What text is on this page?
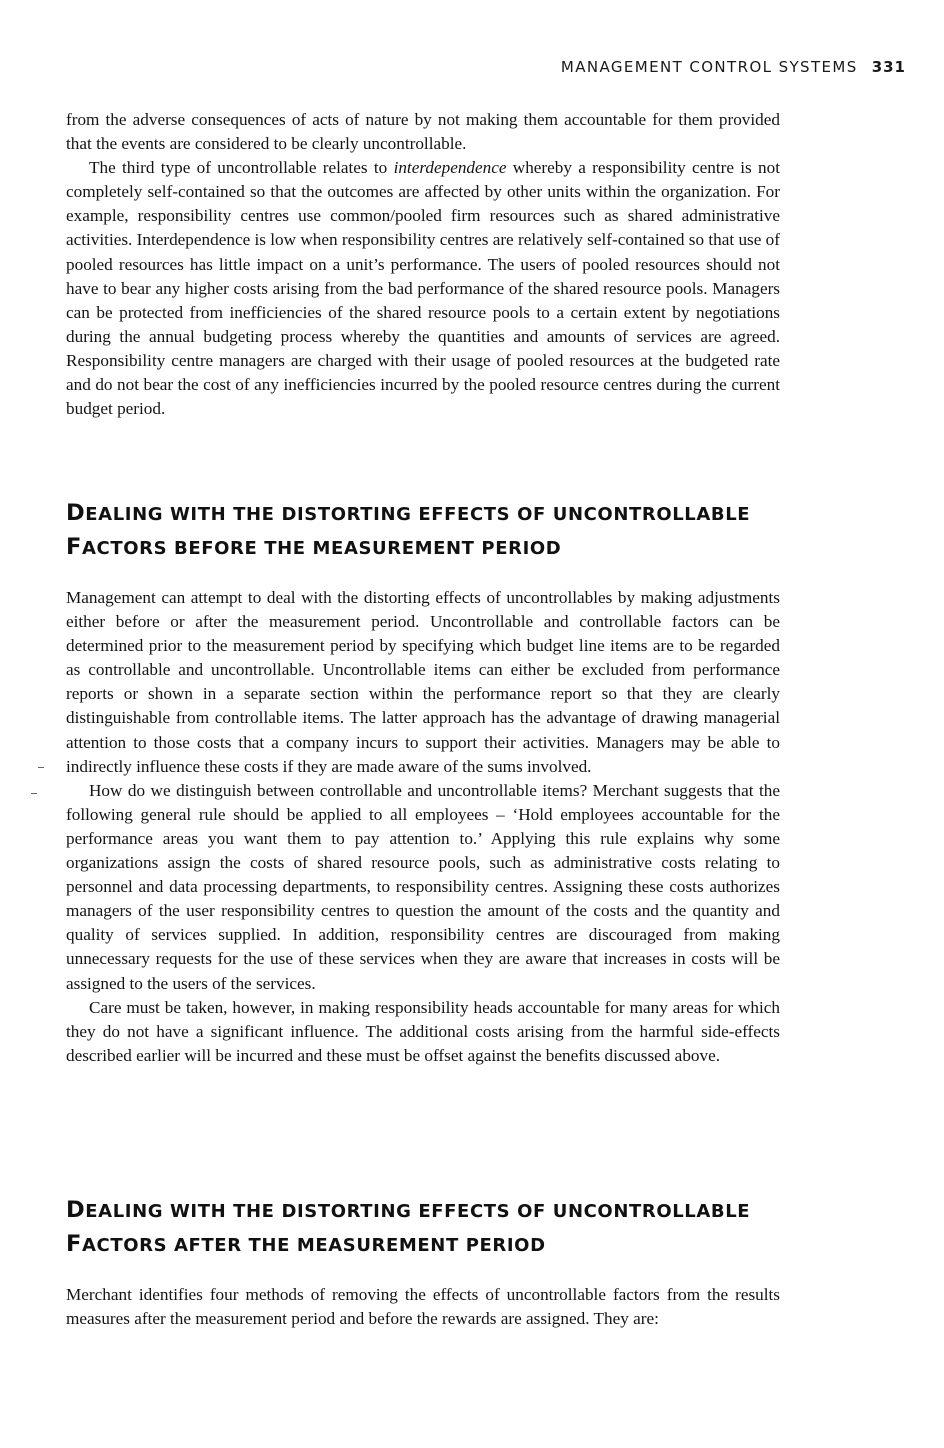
MANAGEMENT CONTROL SYSTEMS 331

from the adverse consequences of acts of nature by not making them accountable for them provided that the events are considered to be clearly uncontrollable.

The third type of uncontrollable relates to interdependence whereby a responsibility centre is not completely self-contained so that the outcomes are affected by other units within the organization. For example, responsibility centres use common/pooled firm resources such as shared administrative activities. Interdependence is low when responsibility centres are relatively self-contained so that use of pooled resources has little impact on a unit’s performance. The users of pooled resources should not have to bear any higher costs arising from the bad performance of the shared resource pools. Managers can be protected from inefficiencies of the shared resource pools to a certain extent by negotiations during the annual budgeting process whereby the quantities and amounts of services are agreed. Responsibility centre managers are charged with their usage of pooled resources at the budgeted rate and do not bear the cost of any inefficiencies incurred by the pooled resource centres during the current budget period.

DEALING WITH THE DISTORTING EFFECTS OF UNCONTROLLABLE
FACTORS BEFORE THE MEASUREMENT PERIOD

Management can attempt to deal with the distorting effects of uncontrollables by making adjustments either before or after the measurement period. Uncontrollable and controllable factors can be determined prior to the measurement period by specifying which budget line items are to be regarded as controllable and uncontrollable. Uncontrollable items can either be excluded from performance reports or shown in a separate section within the performance report so that they are clearly distinguishable from controllable items. The latter approach has the advantage of drawing managerial attention to those costs that a company incurs to support their activities. Managers may be able to indirectly influence these costs if they are made aware of the sums involved.

How do we distinguish between controllable and uncontrollable items? Merchant suggests that the following general rule should be applied to all employees – ‘Hold employees accountable for the performance areas you want them to pay attention to.’ Applying this rule explains why some organizations assign the costs of shared resource pools, such as administrative costs relating to personnel and data processing departments, to responsibility centres. Assigning these costs authorizes managers of the user responsibility centres to question the amount of the costs and the quantity and quality of services supplied. In addition, responsibility centres are discouraged from making unnecessary requests for the use of these services when they are aware that increases in costs will be assigned to the users of the services.

Care must be taken, however, in making responsibility heads accountable for many areas for which they do not have a significant influence. The additional costs arising from the harmful side-effects described earlier will be incurred and these must be offset against the benefits discussed above.

DEALING WITH THE DISTORTING EFFECTS OF UNCONTROLLABLE
FACTORS AFTER THE MEASUREMENT PERIOD

Merchant identifies four methods of removing the effects of uncontrollable factors from the results measures after the measurement period and before the rewards are assigned. They are:
